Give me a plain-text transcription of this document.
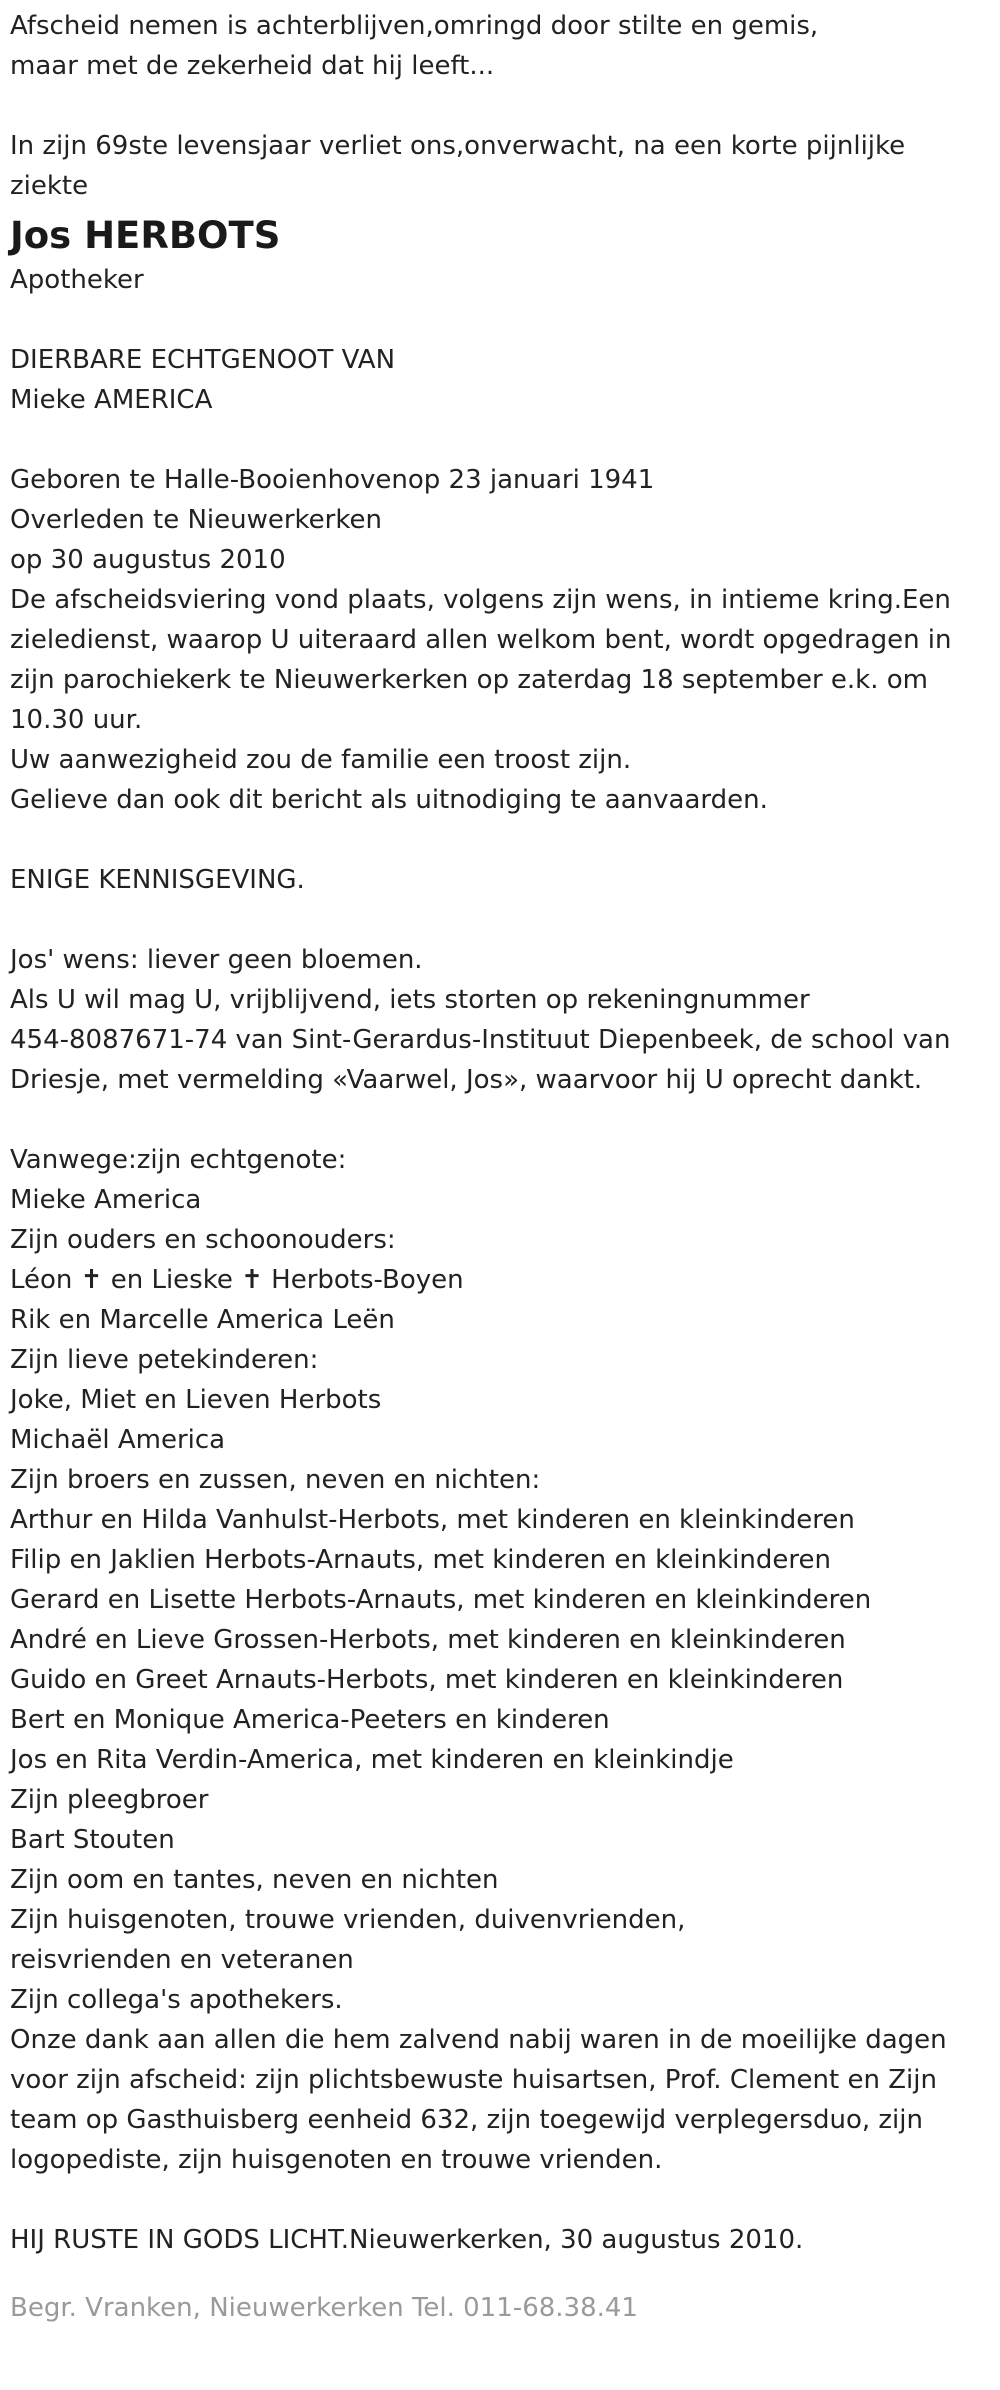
Afscheid nemen is achterblijven,omringd door stilte en gemis,
maar met de zekerheid dat hij leeft...
In zijn 69ste levensjaar verliet ons,onverwacht, na een korte pijnlijke
ziekte
Jos HERBOTS
Apotheker
DIERBARE ECHTGENOOT VAN
Mieke AMERICA
Geboren te Halle-Booienhovenop 23 januari 1941
Overleden te Nieuwerkerken
op 30 augustus 2010
De afscheidsviering vond plaats, volgens zijn wens, in intieme kring.Een
zieledienst, waarop U uiteraard allen welkom bent, wordt opgedragen in
zijn parochiekerk te Nieuwerkerken op zaterdag 18 september e.k. om
10.30 uur.
Uw aanwezigheid zou de familie een troost zijn.
Gelieve dan ook dit bericht als uitnodiging te aanvaarden.
ENIGE KENNISGEVING.
Jos' wens: liever geen bloemen.
Als U wil mag U, vrijblijvend, iets storten op rekeningnummer
454-8087671-74 van Sint-Gerardus-Instituut Diepenbeek, de school van
Driesje, met vermelding «Vaarwel, Jos», waarvoor hij U oprecht dankt.
Vanwege:zijn echtgenote:
Mieke America
Zijn ouders en schoonouders:
Léon ✝ en Lieske ✝ Herbots-Boyen
Rik en Marcelle America Leën
Zijn lieve petekinderen:
Joke, Miet en Lieven Herbots
Michaël America
Zijn broers en zussen, neven en nichten:
Arthur en Hilda Vanhulst-Herbots, met kinderen en kleinkinderen
Filip en Jaklien Herbots-Arnauts, met kinderen en kleinkinderen
Gerard en Lisette Herbots-Arnauts, met kinderen en kleinkinderen
André en Lieve Grossen-Herbots, met kinderen en kleinkinderen
Guido en Greet Arnauts-Herbots, met kinderen en kleinkinderen
Bert en Monique America-Peeters en kinderen
Jos en Rita Verdin-America, met kinderen en kleinkindje
Zijn pleegbroer
Bart Stouten
Zijn oom en tantes, neven en nichten
Zijn huisgenoten, trouwe vrienden, duivenvrienden,
reisvrienden en veteranen
Zijn collega's apothekers.
Onze dank aan allen die hem zalvend nabij waren in de moeilijke dagen
voor zijn afscheid: zijn plichtsbewuste huisartsen, Prof. Clement en Zijn
team op Gasthuisberg eenheid 632, zijn toegewijd verplegersduo, zijn
logopediste, zijn huisgenoten en trouwe vrienden.
HIJ RUSTE IN GODS LICHT.Nieuwerkerken, 30 augustus 2010.
Begr. Vranken, Nieuwerkerken Tel. 011-68.38.41
